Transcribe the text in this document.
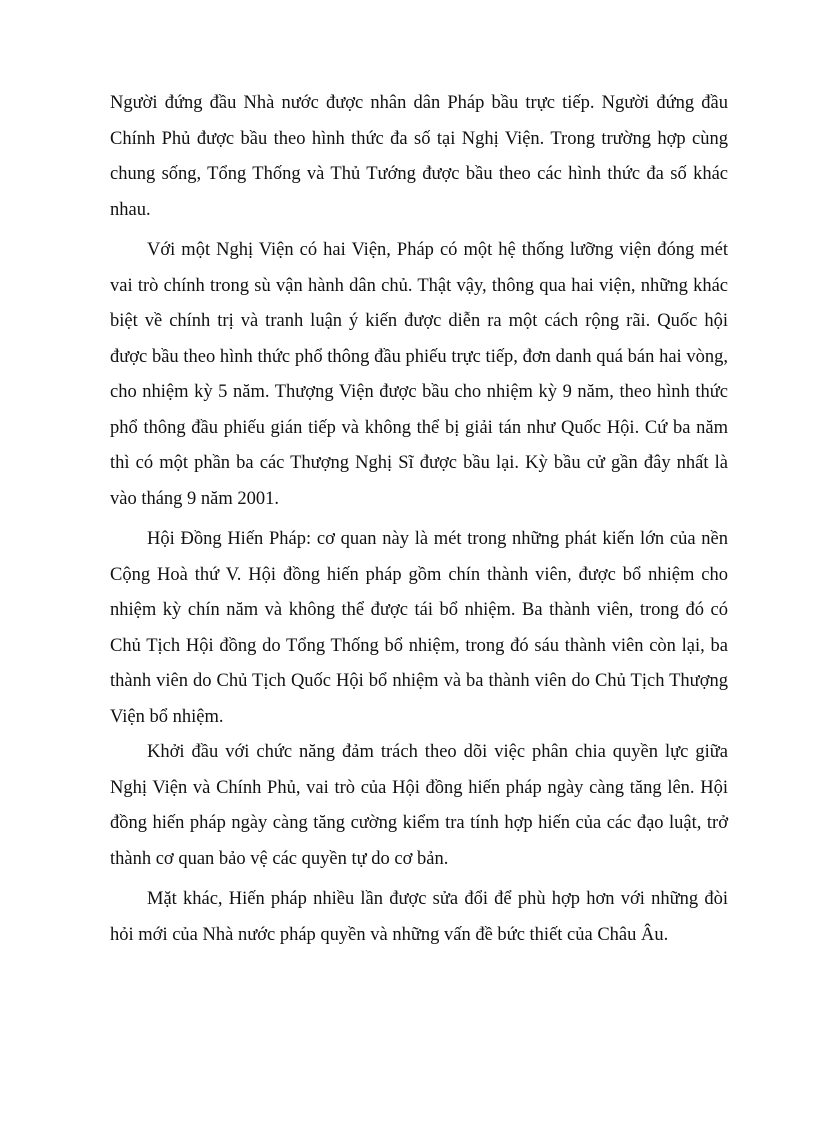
Người đứng đầu Nhà nước được nhân dân Pháp bầu trực tiếp. Người đứng đầu Chính Phủ được bầu theo hình thức đa số tại Nghị Viện. Trong trường hợp cùng chung sống, Tổng Thống và Thủ Tướng được bầu theo các hình thức đa số khác nhau.

Với một Nghị Viện có hai Viện, Pháp có một hệ thống lưỡng viện đóng mét vai trò chính trong sù vận hành dân chủ. Thật vậy, thông qua hai viện, những khác biệt về chính trị và tranh luận ý kiến được diễn ra một cách rộng rãi. Quốc hội được bầu theo hình thức phổ thông đầu phiếu trực tiếp, đơn danh quá bán hai vòng, cho nhiệm kỳ 5 năm. Thượng Viện được bầu cho nhiệm kỳ 9 năm, theo hình thức phổ thông đầu phiếu gián tiếp và không thể bị giải tán như Quốc Hội. Cứ ba năm thì có một phần ba các Thượng Nghị Sĩ được bầu lại. Kỳ bầu cử gần đây nhất là vào tháng 9 năm 2001.

Hội Đồng Hiến Pháp: cơ quan này là mét trong những phát kiến lớn của nền Cộng Hoà thứ V. Hội đồng hiến pháp gồm chín thành viên, được bổ nhiệm cho nhiệm kỳ chín năm và không thể được tái bổ nhiệm. Ba thành viên, trong đó có Chủ Tịch Hội đồng do Tổng Thống bổ nhiệm, trong đó sáu thành viên còn lại, ba thành viên do Chủ Tịch Quốc Hội bổ nhiệm và ba thành viên do Chủ Tịch Thượng Viện bổ nhiệm.

Khởi đầu với chức năng đảm trách theo dõi việc phân chia quyền lực giữa Nghị Viện và Chính Phủ, vai trò của Hội đồng hiến pháp ngày càng tăng lên. Hội đồng hiến pháp ngày càng tăng cường kiểm tra tính hợp hiến của các đạo luật, trở thành cơ quan bảo vệ các quyền tự do cơ bản.

Mặt khác, Hiến pháp nhiều lần được sửa đổi để phù hợp hơn với những đòi hỏi mới của Nhà nước pháp quyền và những vấn đề bức thiết của Châu Âu.
